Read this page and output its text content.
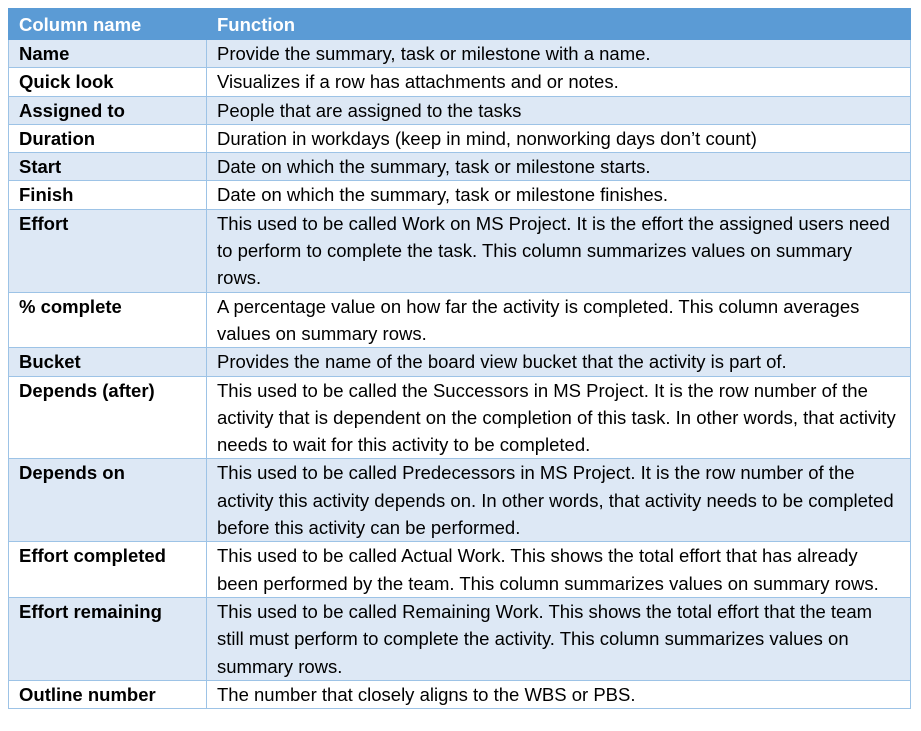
Column name	Function
Name	Provide the summary, task or milestone with a name.
Quick look	Visualizes if a row has attachments and or notes.
Assigned to	People that are assigned to the tasks
Duration	Duration in workdays (keep in mind, nonworking days don’t count)
Start	Date on which the summary, task or milestone starts.
Finish	Date on which the summary, task or milestone finishes.
Effort	This used to be called Work on MS Project. It is the effort the assigned users need to perform to complete the task. This column summarizes values on summary rows.
% complete	A percentage value on how far the activity is completed. This column averages values on summary rows.
Bucket	Provides the name of the board view bucket that the activity is part of.
Depends (after)	This used to be called the Successors in MS Project. It is the row number of the activity that is dependent on the completion of this task. In other words, that activity needs to wait for this activity to be completed.
Depends on	This used to be called Predecessors in MS Project. It is the row number of the activity this activity depends on. In other words, that activity needs to be completed before this activity can be performed.
Effort completed	This used to be called Actual Work. This shows the total effort that has already been performed by the team. This column summarizes values on summary rows.
Effort remaining	This used to be called Remaining Work. This shows the total effort that the team still must perform to complete the activity. This column summarizes values on summary rows.
Outline number	The number that closely aligns to the WBS or PBS.
